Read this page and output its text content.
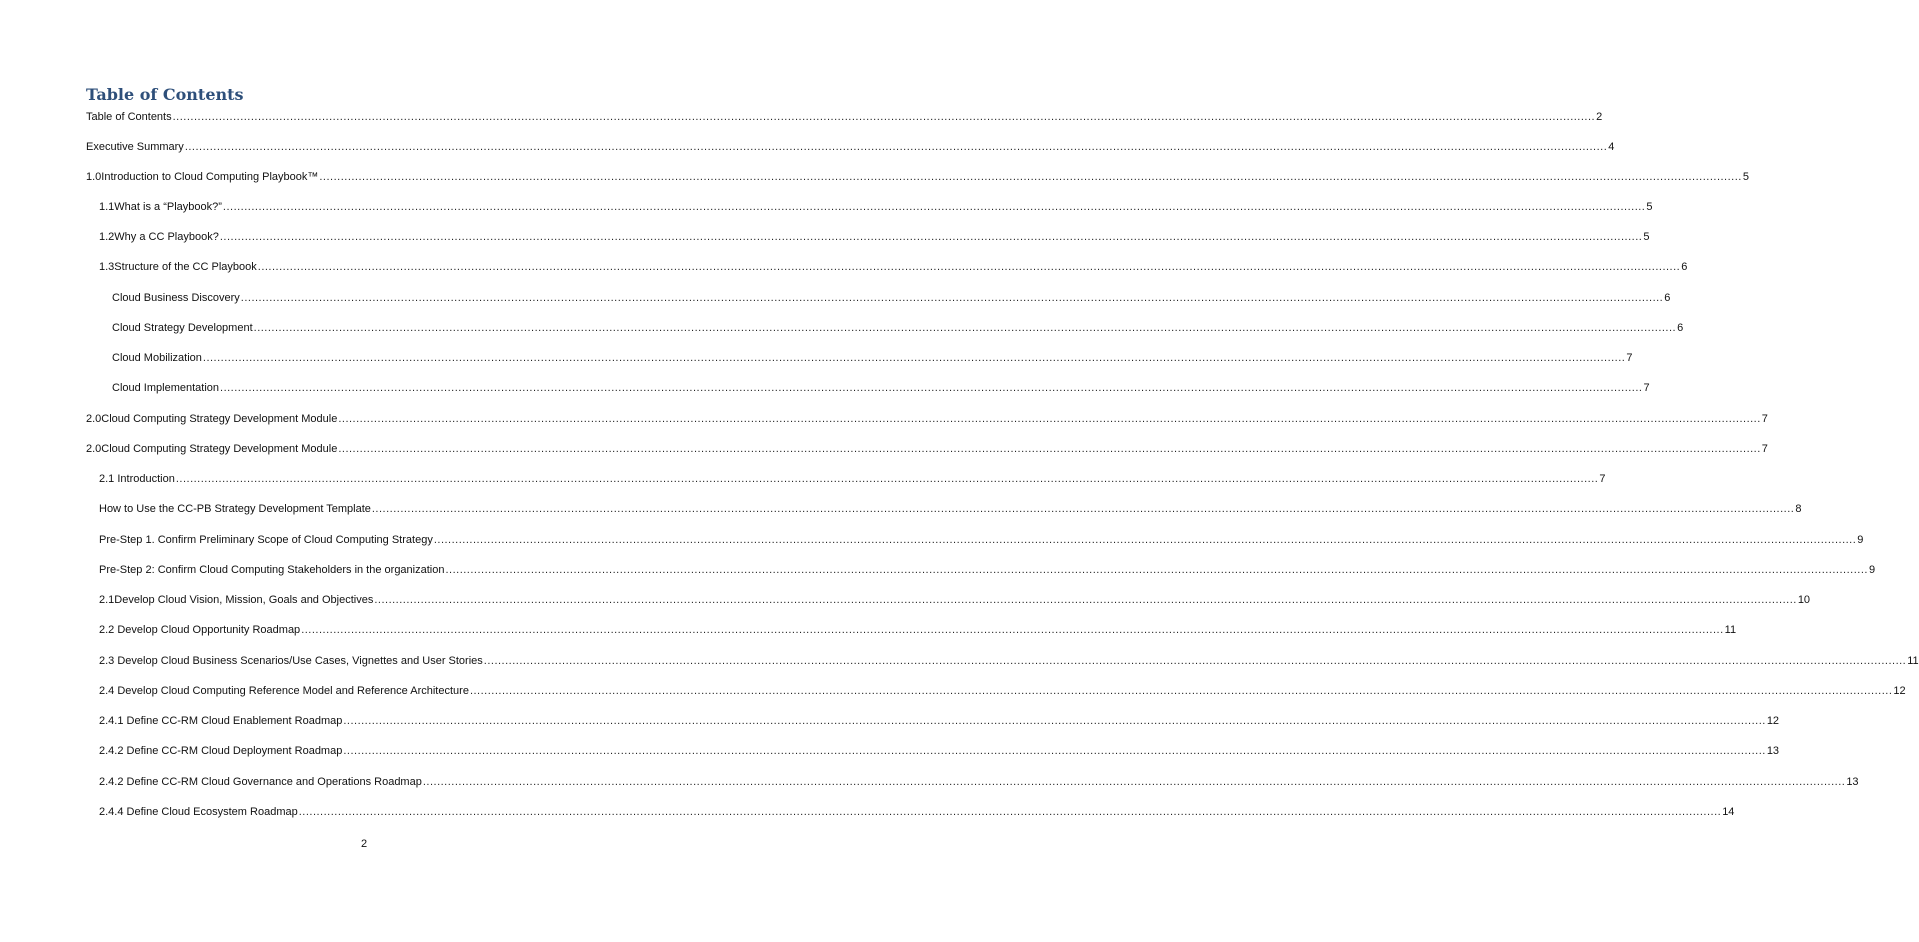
Table of Contents
Table of Contents ................................................................................................................................................................................................................................................................................................................................................................................................................ 2
Executive Summary ................................................................................................................................................................................................................................................................................................................................................................................................................ 4
1.0 Introduction to Cloud Computing Playbook™ ................................................................................................................................................................................................................................................................................................................................................................................................................ 5
1.1 What is a “Playbook?” ................................................................................................................................................................................................................................................................................................................................................................................................................ 5
1.2 Why a CC Playbook? ................................................................................................................................................................................................................................................................................................................................................................................................................ 5
1.3 Structure of the CC Playbook ................................................................................................................................................................................................................................................................................................................................................................................................................ 6
Cloud Business Discovery ................................................................................................................................................................................................................................................................................................................................................................................................................ 6
Cloud Strategy Development ................................................................................................................................................................................................................................................................................................................................................................................................................ 6
Cloud Mobilization ................................................................................................................................................................................................................................................................................................................................................................................................................ 7
Cloud Implementation ................................................................................................................................................................................................................................................................................................................................................................................................................ 7
2.0 Cloud Computing Strategy Development Module ................................................................................................................................................................................................................................................................................................................................................................................................................ 7
2.0 Cloud Computing Strategy Development Module ................................................................................................................................................................................................................................................................................................................................................................................................................ 7
2.1 Introduction ................................................................................................................................................................................................................................................................................................................................................................................................................ 7
How to Use the CC-PB Strategy Development Template ................................................................................................................................................................................................................................................................................................................................................................................................................ 8
Pre-Step 1. Confirm Preliminary Scope of Cloud Computing Strategy ................................................................................................................................................................................................................................................................................................................................................................................................................ 9
Pre-Step 2: Confirm Cloud Computing Stakeholders in the organization ................................................................................................................................................................................................................................................................................................................................................................................................................ 9
2.1 Develop Cloud Vision, Mission, Goals and Objectives ................................................................................................................................................................................................................................................................................................................................................................................................................ 10
2.2 Develop Cloud Opportunity Roadmap ................................................................................................................................................................................................................................................................................................................................................................................................................ 11
2.3 Develop Cloud Business Scenarios/Use Cases, Vignettes and User Stories ................................................................................................................................................................................................................................................................................................................................................................................................................ 11
2.4 Develop Cloud Computing Reference Model and Reference Architecture ................................................................................................................................................................................................................................................................................................................................................................................................................ 12
2.4.1 Define CC-RM Cloud Enablement Roadmap ................................................................................................................................................................................................................................................................................................................................................................................................................ 12
2.4.2 Define CC-RM Cloud Deployment Roadmap ................................................................................................................................................................................................................................................................................................................................................................................................................ 13
2.4.2 Define CC-RM Cloud Governance and Operations Roadmap ................................................................................................................................................................................................................................................................................................................................................................................................................ 13
2.4.4 Define Cloud Ecosystem Roadmap ................................................................................................................................................................................................................................................................................................................................................................................................................ 14
2
